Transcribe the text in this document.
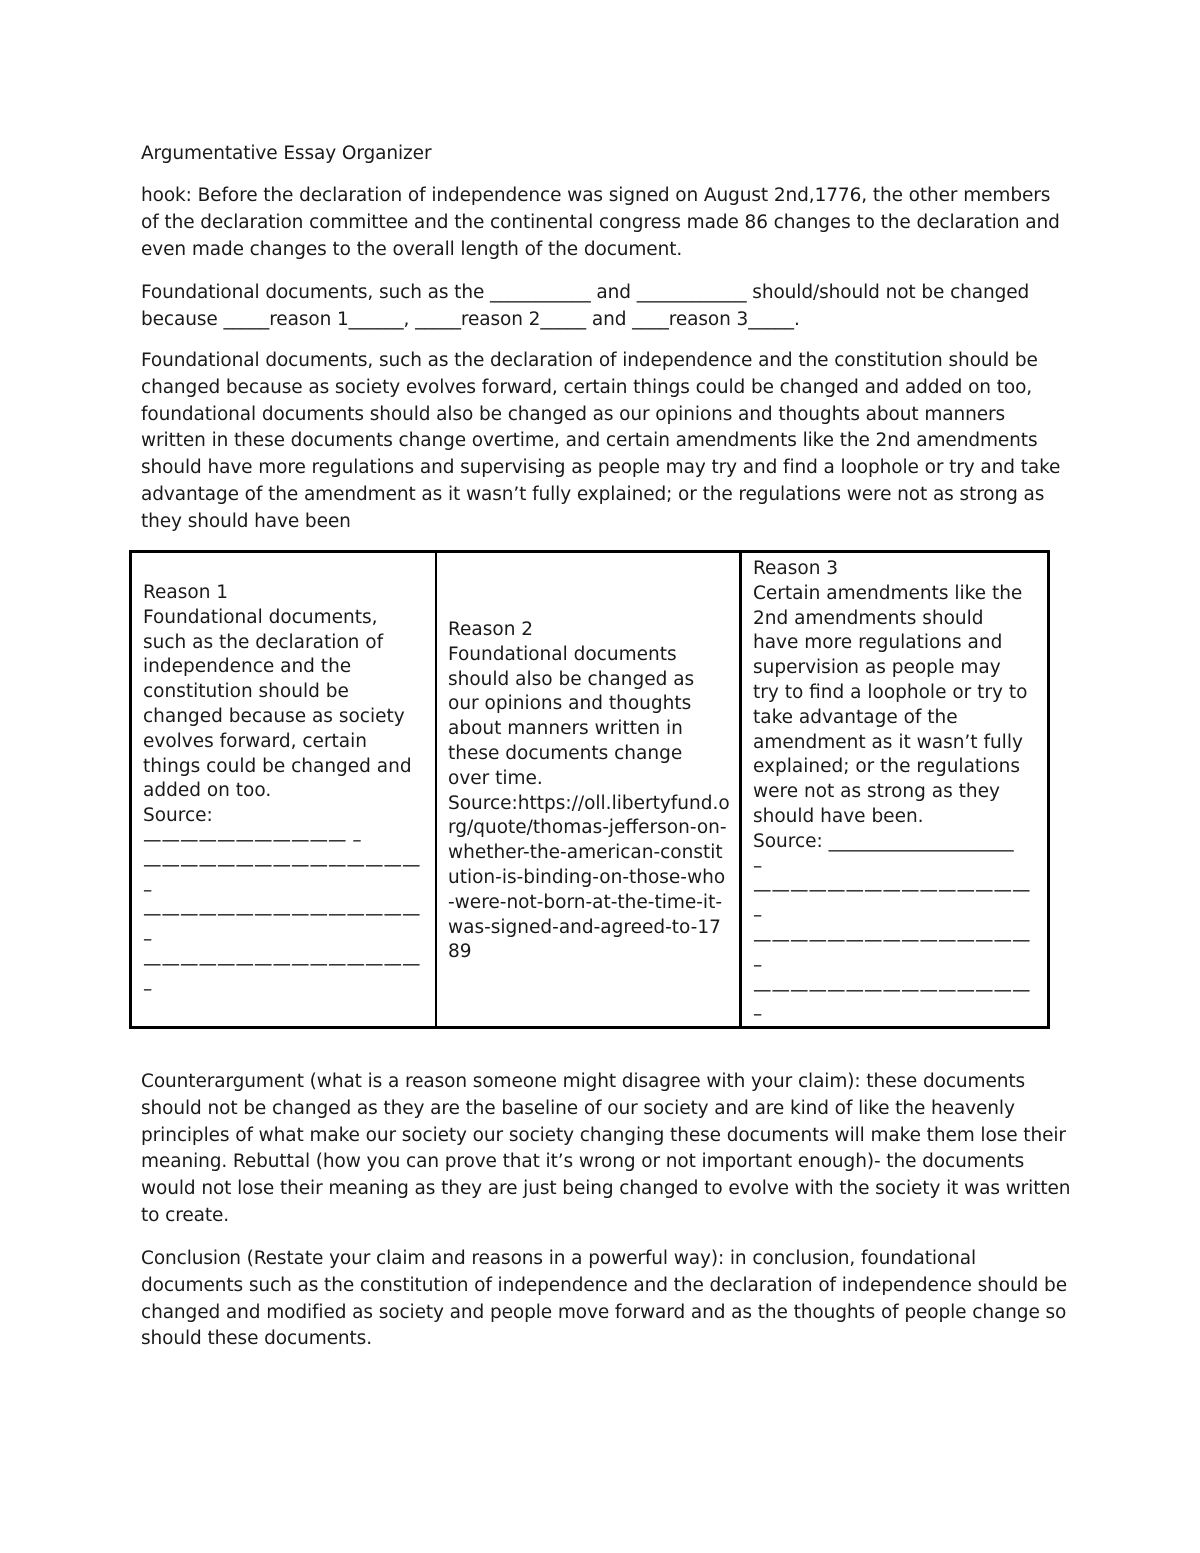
Argumentative Essay Organizer

hook: Before the declaration of independence was signed on August 2nd,1776, the other members of the declaration committee and the continental congress made 86 changes to the declaration and even made changes to the overall length of the document.

Foundational documents, such as the ___________ and ____________ should/should not be changed because _____reason 1______, _____reason 2_____ and ____reason 3_____.

Foundational documents, such as the declaration of independence and the constitution should be changed because as society evolves forward, certain things could be changed and added on too, foundational documents should also be changed as our opinions and thoughts about manners written in these documents change overtime, and certain amendments like the 2nd amendments should have more regulations and supervising as people may try and find a loophole or try and take advantage of the amendment as it wasn’t fully explained; or the regulations were not as strong as they should have been

Reason 1
Foundational documents,
such as the declaration of
independence and the
constitution should be
changed because as society
evolves forward, certain
things could be changed and
added on too.
Source:
——————————— –
———————————————
–
———————————————
–
———————————————
–

Reason 2
Foundational documents
should also be changed as
our opinions and thoughts
about manners written in
these documents change
over time.
Source:https://oll.libertyfund.o
rg/quote/thomas-jefferson-on-
whether-the-american-constit
ution-is-binding-on-those-who
-were-not-born-at-the-time-it-
was-signed-and-agreed-to-17
89

Reason 3
Certain amendments like the
2nd amendments should
have more regulations and
supervision as people may
try to find a loophole or try to
take advantage of the
amendment as it wasn’t fully
explained; or the regulations
were not as strong as they
should have been.
Source: ____________________
–
———————————————
–
———————————————
–
———————————————
–

Counterargument (what is a reason someone might disagree with your claim): these documents should not be changed as they are the baseline of our society and are kind of like the heavenly principles of what make our society our society changing these documents will make them lose their meaning. Rebuttal (how you can prove that it’s wrong or not important enough)- the documents would not lose their meaning as they are just being changed to evolve with the society it was written to create.

Conclusion (Restate your claim and reasons in a powerful way): in conclusion, foundational documents such as the constitution of independence and the declaration of independence should be changed and modified as society and people move forward and as the thoughts of people change so should these documents.
